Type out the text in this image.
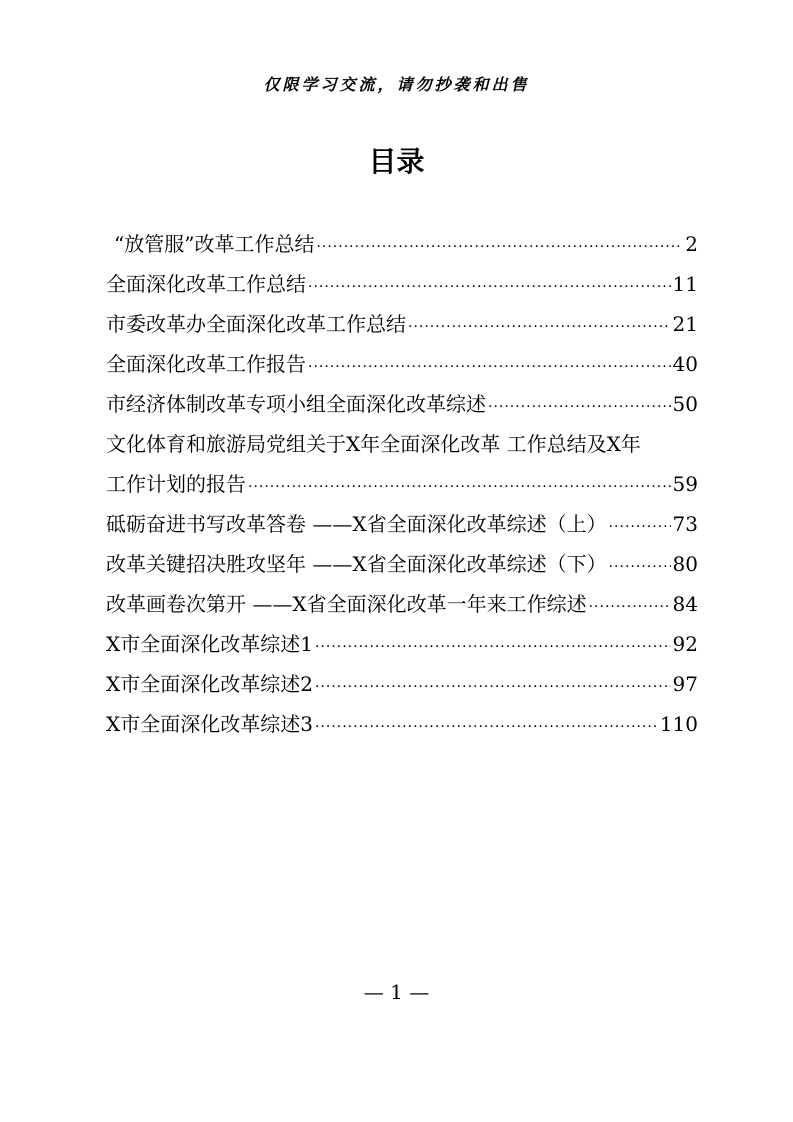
仅限学习交流，请勿抄袭和出售
目录
“放管服”改革工作总结 ·····	2
全面深化改革工作总结 ·····	11
市委改革办全面深化改革工作总结 ·····	21
全面深化改革工作报告 ·····	40
市经济体制改革专项小组全面深化改革综述 ·····	50
文化体育和旅游局党组关于X年全面深化改革 工作总结及X年
工作计划的报告 ·····	59
砥砺奋进书写改革答卷 ——X省全面深化改革综述（上） ·····	73
改革关键招决胜攻坚年 ——X省全面深化改革综述（下） ·····	80
改革画卷次第开 ——X省全面深化改革一年来工作综述 ·····	84
X市全面深化改革综述1 ·····	92
X市全面深化改革综述2 ·····	97
X市全面深化改革综述3 ·····	110
— 1 —
